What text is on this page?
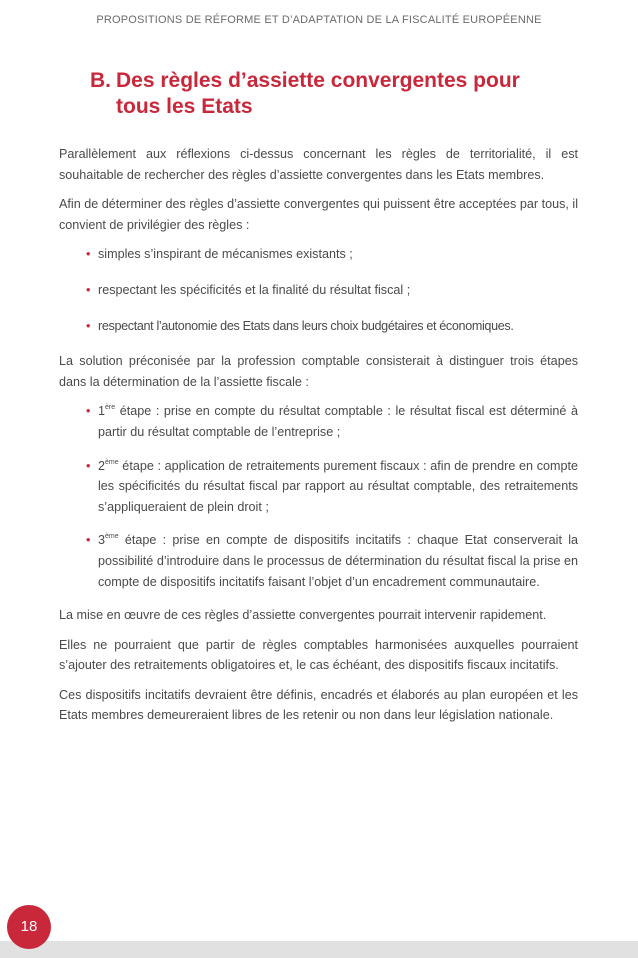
PROPOSITIONS DE RÉFORME ET D’ADAPTATION DE LA FISCALITÉ EUROPÉENNE
B. Des règles d’assiette convergentes pour
tous les Etats

Parallèlement aux réflexions ci-dessus concernant les règles de territorialité, il est souhaitable de rechercher des règles d’assiette convergentes dans les Etats membres.

Afin de déterminer des règles d’assiette convergentes qui puissent être acceptées par tous, il convient de privilégier des règles :

• simples s’inspirant de mécanismes existants ;
• respectant les spécificités et la finalité du résultat fiscal ;
• respectant l’autonomie des Etats dans leurs choix budgétaires et économiques.

La solution préconisée par la profession comptable consisterait à distinguer trois étapes dans la détermination de la l’assiette fiscale :

• 1ère étape : prise en compte du résultat comptable : le résultat fiscal est déterminé à partir du résultat comptable de l’entreprise ;
• 2ème étape : application de retraitements purement fiscaux : afin de prendre en compte les spécificités du résultat fiscal par rapport au résultat comptable, des retraitements s’appliqueraient de plein droit ;
• 3ème étape : prise en compte de dispositifs incitatifs : chaque Etat conserverait la possibilité d’introduire dans le processus de détermination du résultat fiscal la prise en compte de dispositifs incitatifs faisant l’objet d’un encadrement communautaire.

La mise en œuvre de ces règles d’assiette convergentes pourrait intervenir rapidement.

Elles ne pourraient que partir de règles comptables harmonisées auxquelles pourraient s’ajouter des retraitements obligatoires et, le cas échéant, des dispositifs fiscaux incitatifs.

Ces dispositifs incitatifs devraient être définis, encadrés et élaborés au plan européen et les Etats membres demeureraient libres de les retenir ou non dans leur législation nationale.

18
